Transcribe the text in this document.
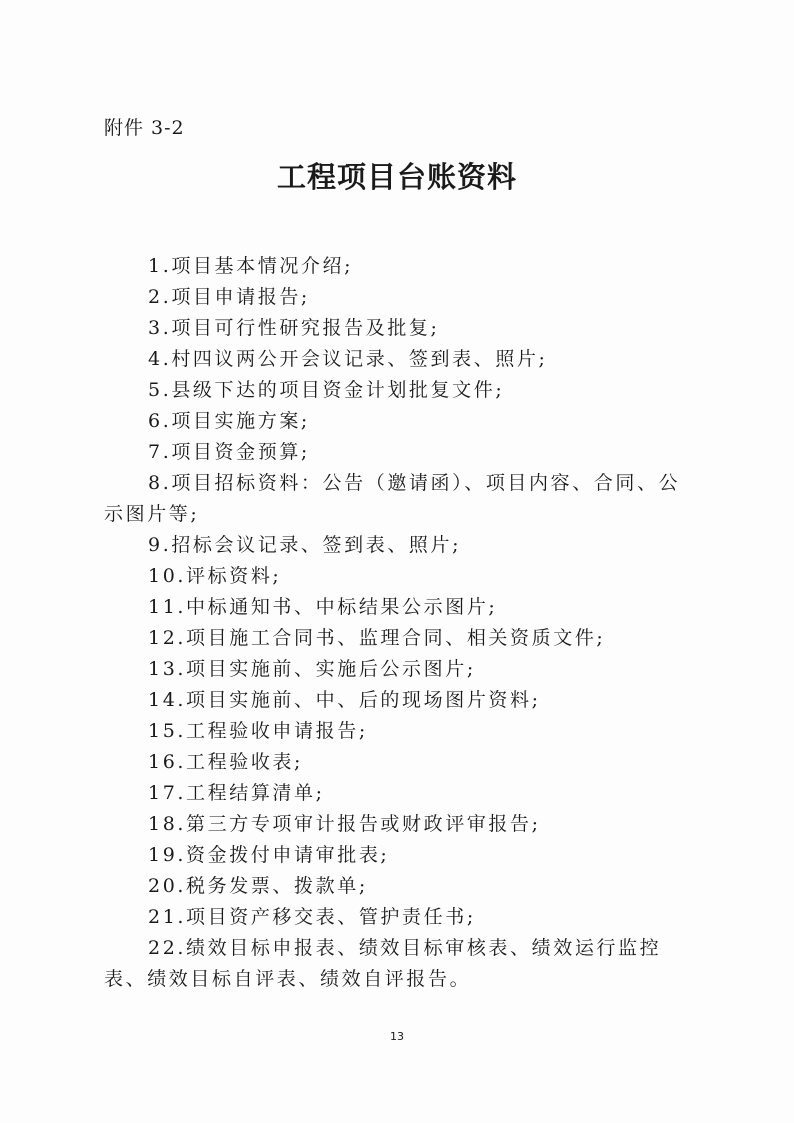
附件 3-2
工程项目台账资料
1.项目基本情况介绍;
2.项目申请报告;
3.项目可行性研究报告及批复;
4.村四议两公开会议记录、签到表、照片;
5.县级下达的项目资金计划批复文件;
6.项目实施方案;
7.项目资金预算;
8.项目招标资料：公告（邀请函）、项目内容、合同、公示图片等;
9.招标会议记录、签到表、照片;
10.评标资料;
11.中标通知书、中标结果公示图片;
12.项目施工合同书、监理合同、相关资质文件;
13.项目实施前、实施后公示图片;
14.项目实施前、中、后的现场图片资料;
15.工程验收申请报告;
16.工程验收表;
17.工程结算清单;
18.第三方专项审计报告或财政评审报告;
19.资金拨付申请审批表;
20.税务发票、拨款单;
21.项目资产移交表、管护责任书;
22.绩效目标申报表、绩效目标审核表、绩效运行监控表、绩效目标自评表、绩效自评报告。
13
